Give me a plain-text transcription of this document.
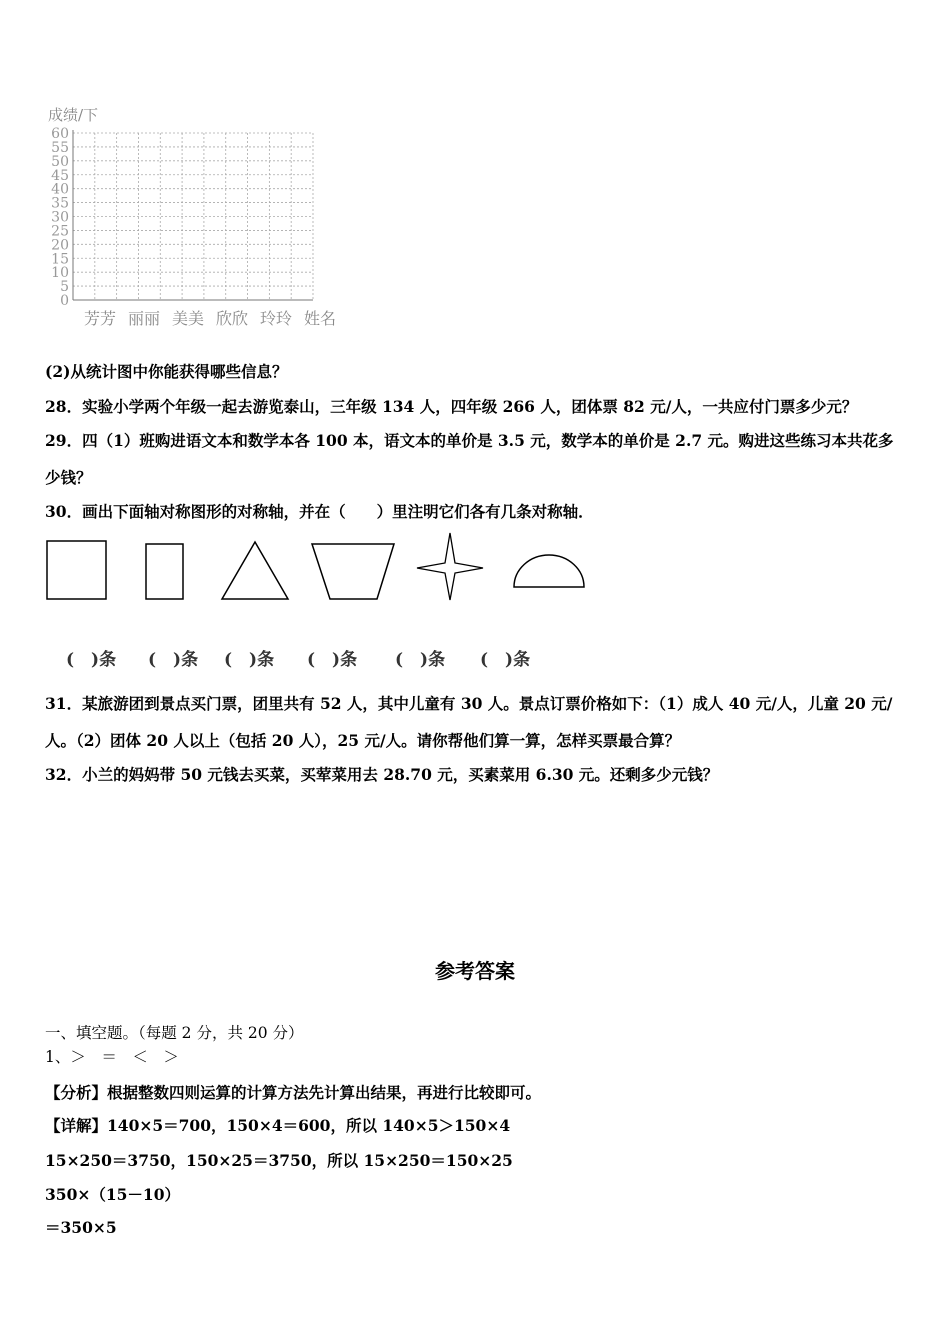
成绩/下
60
55
50
45
40
35
30
25
20
15
10
5
0
芳芳 丽丽 美美 欣欣 玲玲 姓名
(2)从统计图中你能获得哪些信息？
28．实验小学两个年级一起去游览泰山，三年级 134 人，四年级 266 人，团体票 82 元/人，一共应付门票多少元？
29．四（1）班购进语文本和数学本各 100 本，语文本的单价是 3.5 元，数学本的单价是 2.7 元。购进这些练习本共花多
少钱？
30．画出下面轴对称图形的对称轴，并在（　　）里注明它们各有几条对称轴．
(　)条 (　)条 (　)条 (　)条 (　)条 (　)条
31．某旅游团到景点买门票，团里共有 52 人，其中儿童有 30 人。景点订票价格如下：（1）成人 40 元/人，儿童 20 元/
人。（2）团体 20 人以上（包括 20 人），25 元/人。请你帮他们算一算，怎样买票最合算？
32．小兰的妈妈带 50 元钱去买菜，买荤菜用去 28.70 元，买素菜用 6.30 元。还剩多少元钱？
参考答案
一、填空题。（每题 2 分，共 20 分）
1、＞　＝　＜　＞
【分析】根据整数四则运算的计算方法先计算出结果，再进行比较即可。
【详解】140×5＝700，150×4＝600，所以 140×5＞150×4
15×250＝3750，150×25＝3750，所以 15×250＝150×25
350×（15－10）
＝350×5
